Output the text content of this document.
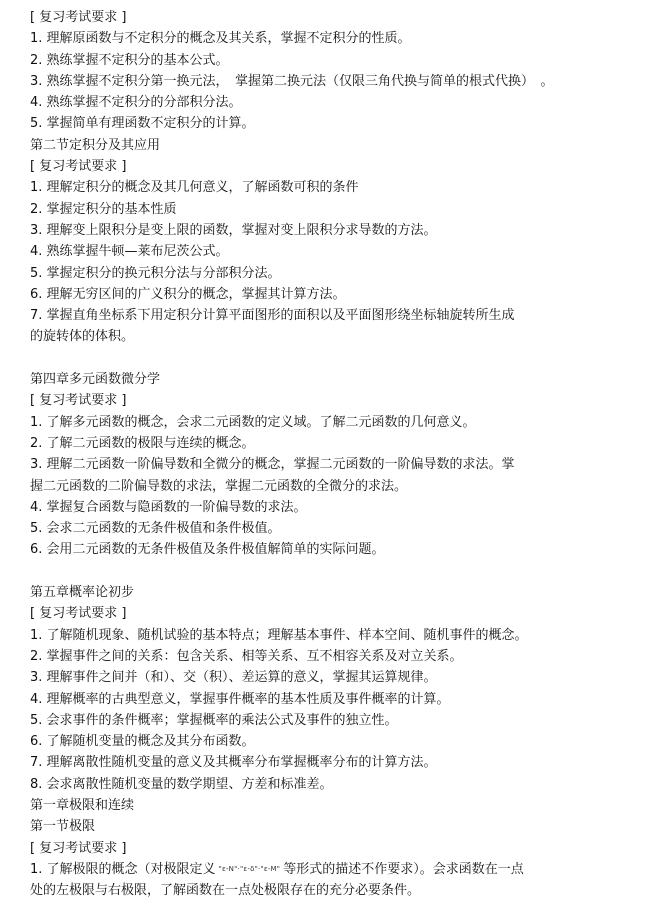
[ 复习考试要求 ]

1. 理解原函数与不定积分的概念及其关系，掌握不定积分的性质。

2. 熟练掌握不定积分的基本公式。

3. 熟练掌握不定积分第一换元法，　掌握第二换元法（仅限三角代换与简单的根式代换）　。

4. 熟练掌握不定积分的分部积分法。

5. 掌握简单有理函数不定积分的计算。

第二节定积分及其应用

[ 复习考试要求 ]

1. 理解定积分的概念及其几何意义，了解函数可积的条件

2. 掌握定积分的基本性质

3. 理解变上限积分是变上限的函数，掌握对变上限积分求导数的方法。

4. 熟练掌握牛顿—莱布尼茨公式。

5. 掌握定积分的换元积分法与分部积分法。

6. 理解无穷区间的广义积分的概念，掌握其计算方法。

7. 掌握直角坐标系下用定积分计算平面图形的面积以及平面图形绕坐标轴旋转所生成

的旋转体的体积。

第四章多元函数微分学

[ 复习考试要求 ]

1. 了解多元函数的概念，会求二元函数的定义域。了解二元函数的几何意义。

2. 了解二元函数的极限与连续的概念。

3. 理解二元函数一阶偏导数和全微分的概念，掌握二元函数的一阶偏导数的求法。掌

握二元函数的二阶偏导数的求法，掌握二元函数的全微分的求法。

4. 掌握复合函数与隐函数的一阶偏导数的求法。

5. 会求二元函数的无条件极值和条件极值。

6. 会用二元函数的无条件极值及条件极值解简单的实际问题。

第五章概率论初步

[ 复习考试要求 ]

1. 了解随机现象、随机试验的基本特点；理解基本事件、样本空间、随机事件的概念。

2. 掌握事件之间的关系：包含关系、相等关系、互不相容关系及对立关系。

3. 理解事件之间并（和）、交（积）、差运算的意义，掌握其运算规律。

4. 理解概率的古典型意义，掌握事件概率的基本性质及事件概率的计算。

5. 会求事件的条件概率；掌握概率的乘法公式及事件的独立性。

6. 了解随机变量的概念及其分布函数。

7. 理解离散性随机变量的意义及其概率分布掌握概率分布的计算方法。

8. 会求离散性随机变量的数学期望、方差和标准差。

第一章极限和连续

第一节极限

[ 复习考试要求 ]

1. 了解极限的概念（对极限定义 "ε-N"·"ε-δ"·"ε-M" 等形式的描述不作要求）。会求函数在一点

处的左极限与右极限，了解函数在一点处极限存在的充分必要条件。
